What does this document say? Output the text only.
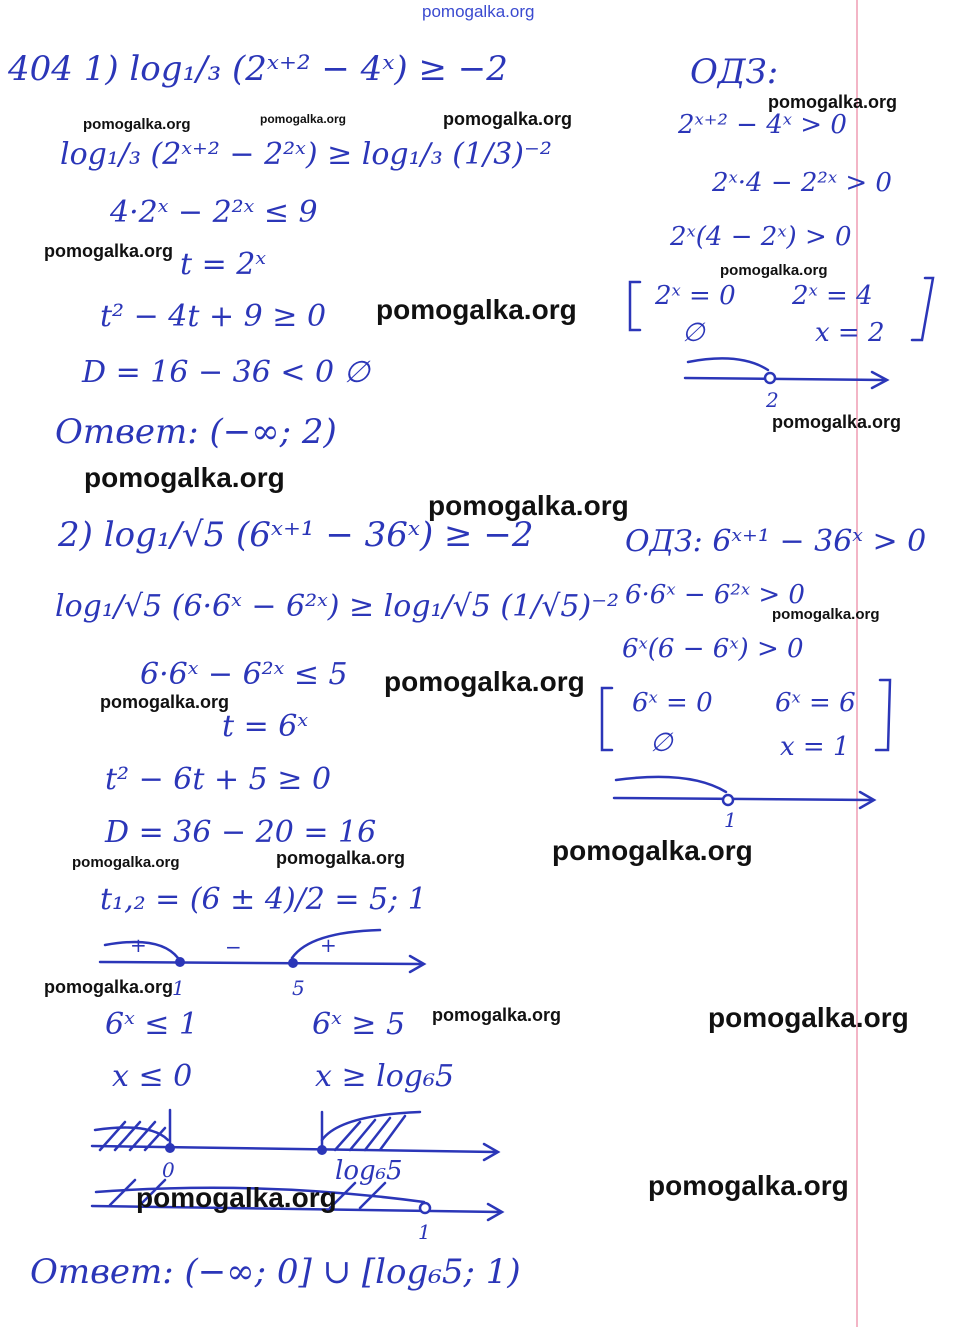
pomogalka.org
404 1) log₁/₃ (2ˣ⁺² − 4ˣ) ≥ −2
log₁/₃ (2ˣ⁺² − 2²ˣ) ≥ log₁/₃ (1/3)⁻²
4·2ˣ − 2²ˣ ≤ 9
t = 2ˣ
t² − 4t + 9 ≥ 0
D = 16 − 36 < 0 ∅
Ответ: (−∞; 2)
ОДЗ:
2ˣ⁺² − 4ˣ > 0
2ˣ·4 − 2²ˣ > 0
2ˣ(4 − 2ˣ) > 0
2ˣ = 0 2ˣ = 4
∅	x = 2
2
2) log₁/√5 (6ˣ⁺¹ − 36ˣ) ≥ −2
log₁/√5 (6·6ˣ − 6²ˣ) ≥ log₁/√5 (1/√5)⁻²
6·6ˣ − 6²ˣ ≤ 5
t = 6ˣ
t² − 6t + 5 ≥ 0
D = 36 − 20 = 16
t₁,₂ = (6 ± 4)/2 = 5; 1
+	−	+
1	5
6ˣ ≤ 1	6ˣ ≥ 5
x ≤ 0	x ≥ log₆5
0	log₆5
1
Ответ: (−∞; 0] ∪ [log₆5; 1)
ОДЗ: 6ˣ⁺¹ − 36ˣ > 0
6·6ˣ − 6²ˣ > 0
6ˣ(6 − 6ˣ) > 0
6ˣ = 0 6ˣ = 6
∅	x = 1
1
pomogalka.org	pomogalka.org	pomogalka.org
pomogalka.org
pomogalka.org
pomogalka.org
pomogalka.org
pomogalka.org
pomogalka.org
pomogalka.org
pomogalka.org
pomogalka.org
pomogalka.org
pomogalka.org
pomogalka.org	pomogalka.org
pomogalka.org
pomogalka.org	pomogalka.org
pomogalka.org
pomogalka.org
